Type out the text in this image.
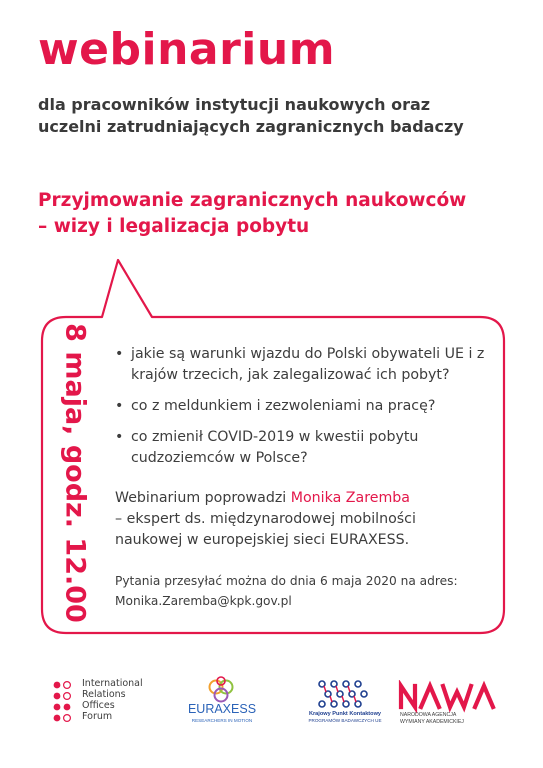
webinarium
dla pracowników instytucji naukowych oraz
uczelni zatrudniających zagranicznych badaczy
Przyjmowanie zagranicznych naukowców
– wizy i legalizacja pobytu
8 maja, godz. 12.00 • jakie są warunki wjazdu do Polski obywateli UE i z krajów trzecich, jak zalegalizować ich pobyt?
• co z meldunkiem i zezwoleniami na pracę?
• co zmienił COVID-2019 w kwestii pobytu cudzoziemców w Polsce?
Webinarium poprowadzi Monika Zaremba
– ekspert ds. międzynarodowej mobilności
naukowej w europejskiej sieci EURAXESS.
Pytania przesyłać można do dnia 6 maja 2020 na adres:
Monika.Zaremba@kpk.gov.pl
International
Relations
Offices
Forum
EURAXESS
RESEARCHERS IN MOTION
Krajowy Punkt Kontaktowy
PROGRAMÓW BADAWCZYCH UE
NARODOWA AGENCJA
WYMIANY AKADEMICKIEJ
